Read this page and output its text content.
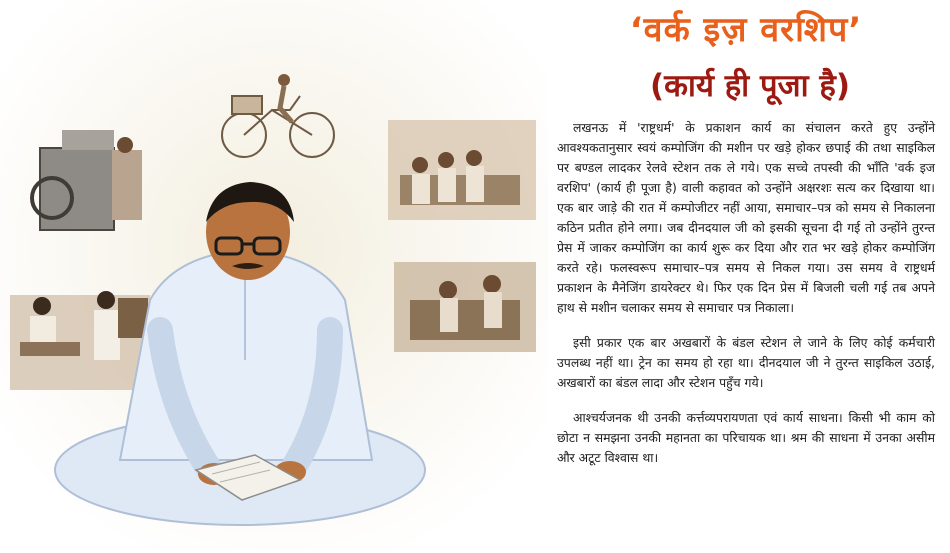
‘वर्क इज़ वरशिप’
(कार्य ही पूजा है)

लखनऊ में 'राष्ट्रधर्म' के प्रकाशन कार्य का संचालन करते हुए उन्होंने आवश्यकतानुसार स्वयं कम्पोजिंग की मशीन पर खड़े होकर छपाई की तथा साइकिल पर बण्डल लादकर रेलवे स्टेशन तक ले गये। एक सच्चे तपस्वी की भाँति 'वर्क इज वरशिप' (कार्य ही पूजा है) वाली कहावत को उन्होंने अक्षरशः सत्य कर दिखाया था। एक बार जाड़े की रात में कम्पोजीटर नहीं आया, समाचार–पत्र को समय से निकालना कठिन प्रतीत होने लगा। जब दीनदयाल जी को इसकी सूचना दी गई तो उन्होंने तुरन्त प्रेस में जाकर कम्पोजिंग का कार्य शुरू कर दिया और रात भर खड़े होकर कम्पोजिंग करते रहे। फलस्वरूप समाचार–पत्र समय से निकल गया। उस समय वे राष्ट्रधर्म प्रकाशन के मैनेजिंग डायरेक्टर थे। फिर एक दिन प्रेस में बिजली चली गई तब अपने हाथ से मशीन चलाकर समय से समाचार पत्र निकाला।

इसी प्रकार एक बार अखबारों के बंडल स्टेशन ले जाने के लिए कोई कर्मचारी उपलब्ध नहीं था। ट्रेन का समय हो रहा था। दीनदयाल जी ने तुरन्त साइकिल उठाई, अखबारों का बंडल लादा और स्टेशन पहुँच गये।

आश्चर्यजनक थी उनकी कर्त्तव्यपरायणता एवं कार्य साधना। किसी भी काम को छोटा न समझना उनकी महानता का परिचायक था। श्रम की साधना में उनका असीम और अटूट विश्वास था।
